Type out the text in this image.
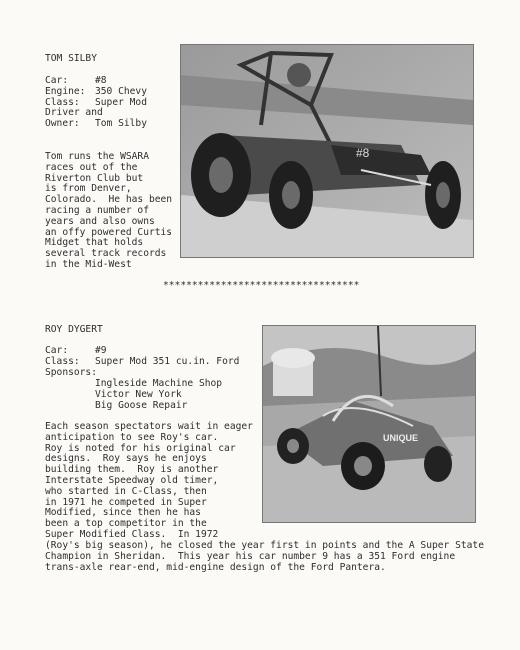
TOM SILBY
Car:	#8
Engine: 350 Chevy
Class:	Super Mod
Driver and
Owner:	Tom Silby
Tom runs the WSARA
races out of the
Riverton Club but
is from Denver,
Colorado.  He has been
racing a number of
years and also owns
an offy powered Curtis
Midget that holds
several track records
in the Mid-West
#8
**********************************
ROY DYGERT
Car:	#9
Class:	Super Mod 351 cu.in. Ford
Sponsors:
Ingleside Machine Shop
Victor New York
Big Goose Repair
Each season spectators wait in eager
anticipation to see Roy's car.
Roy is noted for his original car
designs.  Roy says he enjoys
building them.  Roy is another
Interstate Speedway old timer,
who started in C-Class, then
in 1971 he competed in Super
Modified, since then he has
been a top competitor in the
Super Modified Class.  In 1972
(Roy's big season), he closed the year first in points and the A Super State
Champion in Sheridan.  This year his car number 9 has a 351 Ford engine
trans-axle rear-end, mid-engine design of the Ford Pantera.
UNIQUE
